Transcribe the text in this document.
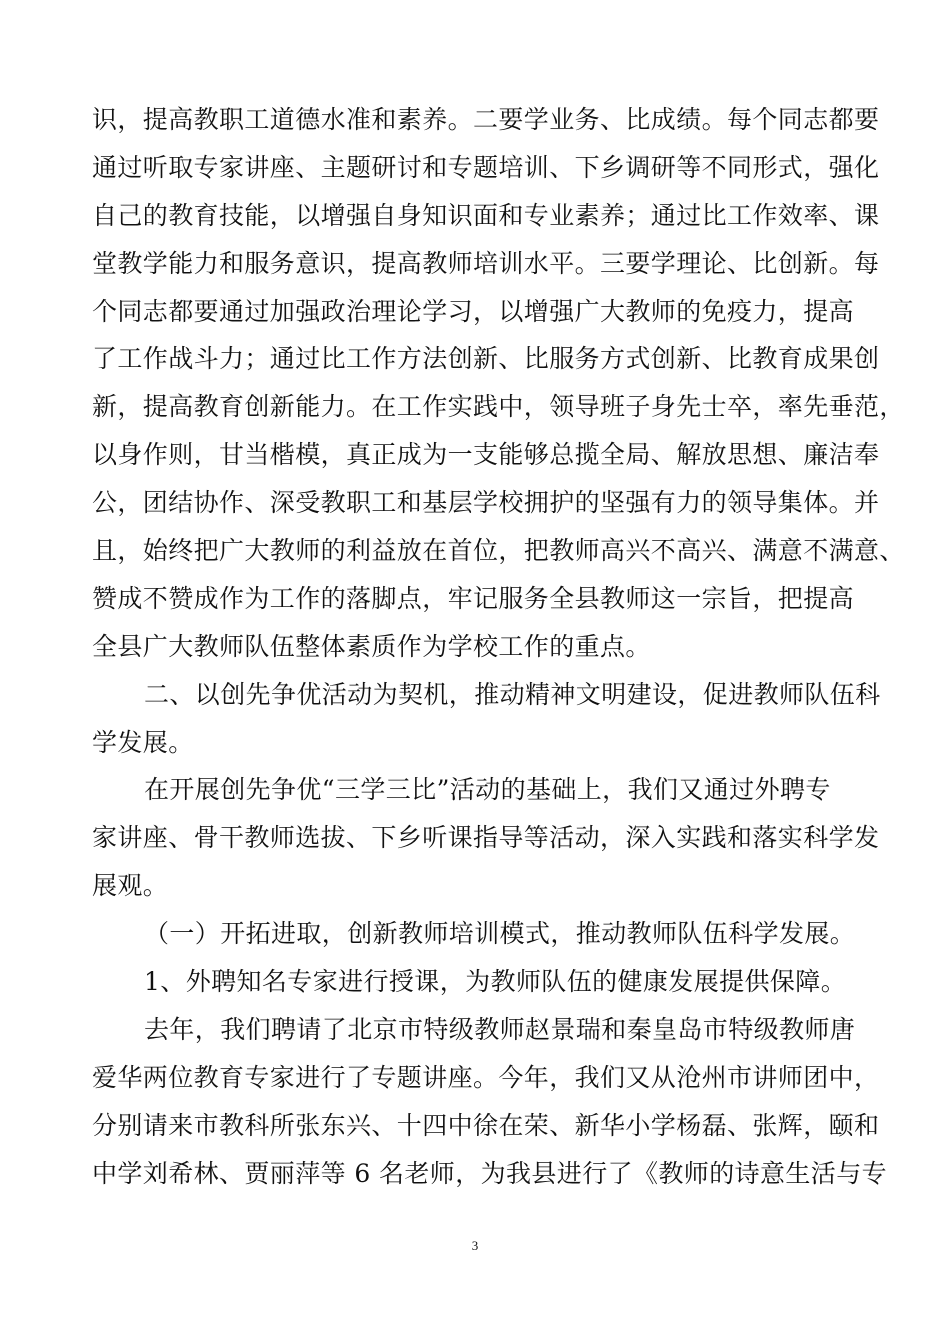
识，提高教职工道德水准和素养。二要学业务、比成绩。每个同志都要
通过听取专家讲座、主题研讨和专题培训、下乡调研等不同形式，强化
自己的教育技能，以增强自身知识面和专业素养；通过比工作效率、课
堂教学能力和服务意识，提高教师培训水平。三要学理论、比创新。每
个同志都要通过加强政治理论学习，以增强广大教师的免疫力，提高
了工作战斗力；通过比工作方法创新、比服务方式创新、比教育成果创
新，提高教育创新能力。在工作实践中，领导班子身先士卒，率先垂范，
以身作则，甘当楷模，真正成为一支能够总揽全局、解放思想、廉洁奉
公，团结协作、深受教职工和基层学校拥护的坚强有力的领导集体。并
且，始终把广大教师的利益放在首位，把教师高兴不高兴、满意不满意、
赞成不赞成作为工作的落脚点，牢记服务全县教师这一宗旨，把提高
全县广大教师队伍整体素质作为学校工作的重点。
二、以创先争优活动为契机，推动精神文明建设，促进教师队伍科
学发展。
在开展创先争优“三学三比”活动的基础上，我们又通过外聘专
家讲座、骨干教师选拔、下乡听课指导等活动，深入实践和落实科学发
展观。
（一）开拓进取，创新教师培训模式，推动教师队伍科学发展。
1、外聘知名专家进行授课，为教师队伍的健康发展提供保障。
去年，我们聘请了北京市特级教师赵景瑞和秦皇岛市特级教师唐
爱华两位教育专家进行了专题讲座。今年，我们又从沧州市讲师团中，
分别请来市教科所张东兴、十四中徐在荣、新华小学杨磊、张辉，颐和
中学刘希林、贾丽萍等 6 名老师，为我县进行了《教师的诗意生活与专
3
